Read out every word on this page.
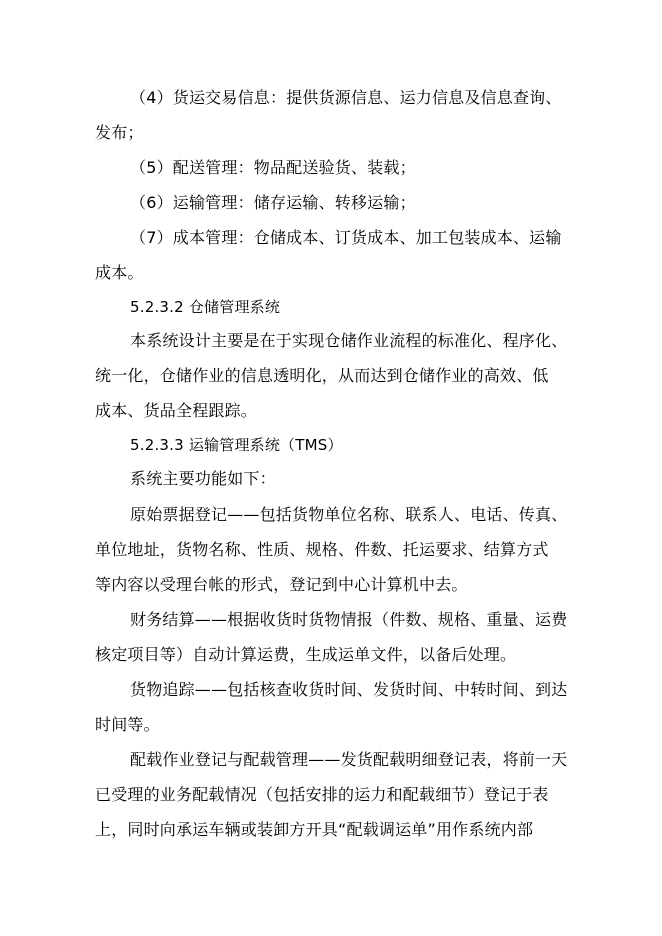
（4）货运交易信息：提供货源信息、运力信息及信息查询、
发布；
（5）配送管理：物品配送验货、装载；
（6）运输管理：储存运输、转移运输；
（7）成本管理：仓储成本、订货成本、加工包装成本、运输
成本。
5.2.3.2 仓储管理系统
本系统设计主要是在于实现仓储作业流程的标准化、程序化、
统一化，仓储作业的信息透明化，从而达到仓储作业的高效、低
成本、货品全程跟踪。
5.2.3.3 运输管理系统（TMS）
系统主要功能如下：
原始票据登记——包括货物单位名称、联系人、电话、传真、
单位地址，货物名称、性质、规格、件数、托运要求、结算方式
等内容以受理台帐的形式，登记到中心计算机中去。
财务结算——根据收货时货物情报（件数、规格、重量、运费
核定项目等）自动计算运费，生成运单文件，以备后处理。
货物追踪——包括核查收货时间、发货时间、中转时间、到达
时间等。
配载作业登记与配载管理——发货配载明细登记表，将前一天
已受理的业务配载情况（包括安排的运力和配载细节）登记于表
上，同时向承运车辆或装卸方开具“配载调运单”用作系统内部
